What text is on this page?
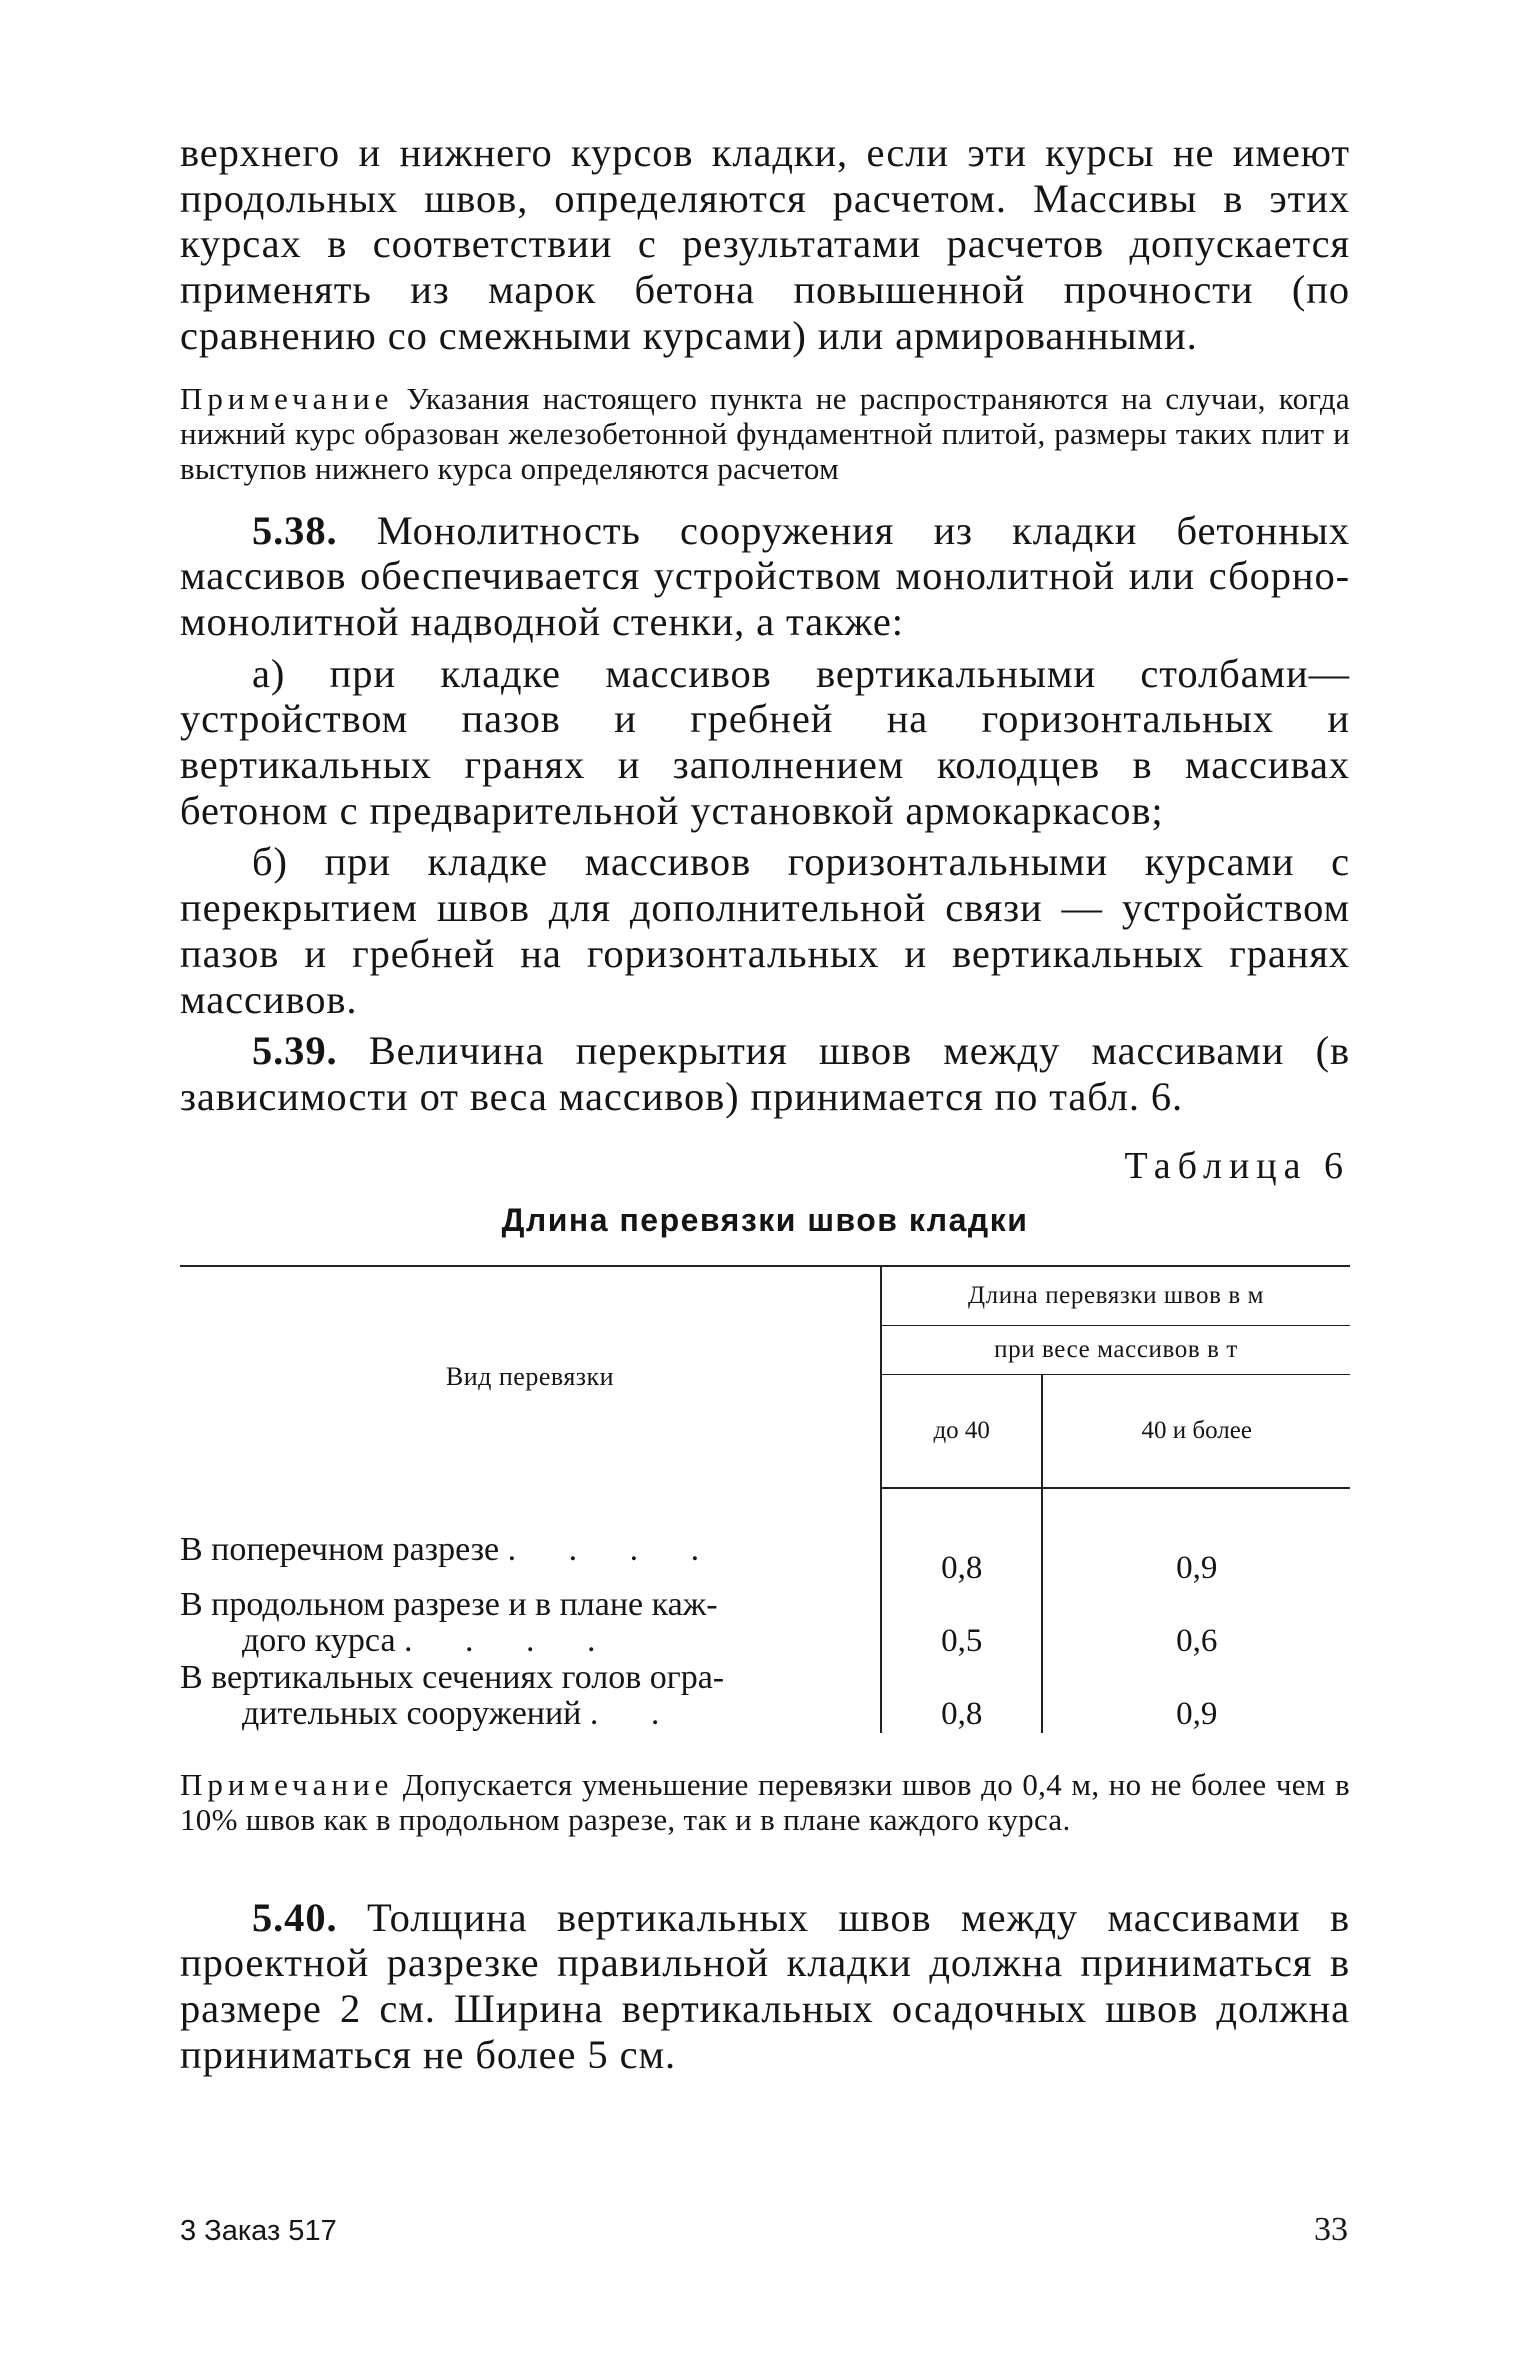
верхнего и нижнего курсов кладки, если эти курсы не имеют продольных швов, определяются расчетом. Массивы в этих курсах в соответствии с результатами расчетов допускается применять из марок бетона повышенной прочности (по сравнению со смежными курсами) или армированными.

Примечание Указания настоящего пункта не распространяются на случаи, когда нижний курс образован железобетонной фундаментной плитой, размеры таких плит и выступов нижнего курса определяются расчетом

5.38. Монолитность сооружения из кладки бетонных массивов обеспечивается устройством монолитной или сборно-монолитной надводной стенки, а также:

а) при кладке массивов вертикальными столбами— устройством пазов и гребней на горизонтальных и вертикальных гранях и заполнением колодцев в массивах бетоном с предварительной установкой армокаркасов;

б) при кладке массивов горизонтальными курсами с перекрытием швов для дополнительной связи — устройством пазов и гребней на горизонтальных и вертикальных гранях массивов.

5.39. Величина перекрытия швов между массивами (в зависимости от веса массивов) принимается по табл. 6.

Таблица 6
Длина перевязки швов кладки
Вид перевязки	Длина перевязки швов в м	
	при весе массивов в т	
	до 40	40 и более
В поперечном разрезе . . . .	0,8	0,9

В продольном разрезе и в плане каж-
дого курса . . . .	0,5	0,6

В вертикальных сечениях голов огра-
дительных сооружений . .	0,8	0,9

Примечание Допускается уменьшение перевязки швов до 0,4 м, но не более чем в 10% швов как в продольном разрезе, так и в плане каждого курса.

5.40. Толщина вертикальных швов между массивами в проектной разрезке правильной кладки должна приниматься в размере 2 см. Ширина вертикальных осадочных швов должна приниматься не более 5 см.

3 Заказ 517	33
